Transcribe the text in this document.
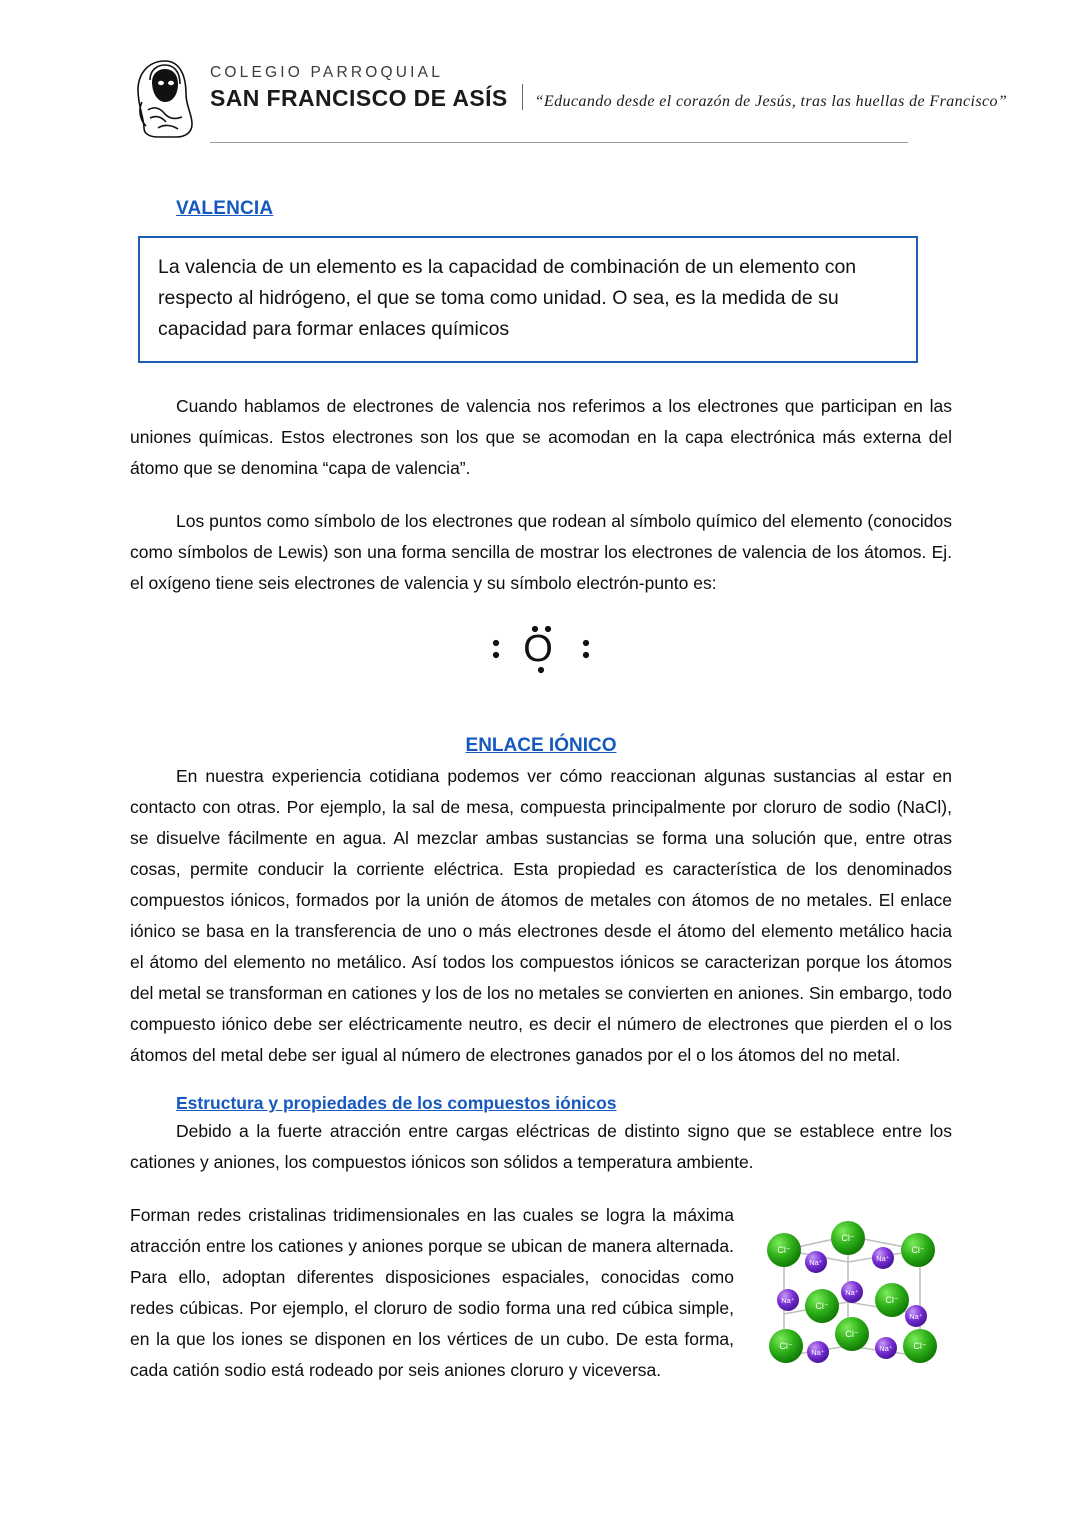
COLEGIO PARROQUIAL
SAN FRANCISCO DE ASÍS “Educando desde el corazón de Jesús, tras las huellas de Francisco”
VALENCIA

La valencia de un elemento es la capacidad de combinación de un elemento con respecto al hidrógeno, el que se toma como unidad. O sea, es la medida de su capacidad para formar enlaces químicos

Cuando hablamos de electrones de valencia nos referimos a los electrones que participan en las uniones químicas. Estos electrones son los que se acomodan en la capa electrónica más externa del átomo que se denomina “capa de valencia”.

Los puntos como símbolo de los electrones que rodean al símbolo químico del elemento (conocidos como símbolos de Lewis) son una forma sencilla de mostrar los electrones de valencia de los átomos. Ej. el oxígeno tiene seis electrones de valencia y su símbolo electrón-punto es:

O
ENLACE IÓNICO

En nuestra experiencia cotidiana podemos ver cómo reaccionan algunas sustancias al estar en contacto con otras. Por ejemplo, la sal de mesa, compuesta principalmente por cloruro de sodio (NaCl), se disuelve fácilmente en agua. Al mezclar ambas sustancias se forma una solución que, entre otras cosas, permite conducir la corriente eléctrica. Esta propiedad es característica de los denominados compuestos iónicos, formados por la unión de átomos de metales con átomos de no metales. El enlace iónico se basa en la transferencia de uno o más electrones desde el átomo del elemento metálico hacia el átomo del elemento no metálico. Así todos los compuestos iónicos se caracterizan porque los átomos del metal se transforman en cationes y los de los no metales se convierten en aniones. Sin embargo, todo compuesto iónico debe ser eléctricamente neutro, es decir el número de electrones que pierden el o los átomos del metal debe ser igual al número de electrones ganados por el o los átomos del no metal.

Estructura y propiedades de los compuestos iónicos

Debido a la fuerte atracción entre cargas eléctricas de distinto signo que se establece entre los cationes y aniones, los compuestos iónicos son sólidos a temperatura ambiente.

Cl⁻
Cl⁻
Cl⁻
Cl⁻
Cl⁻
Cl⁻
Cl⁻
Cl⁻
Na⁺	Na⁺
Na⁺
Na⁺
Na⁺
Na⁺	Na⁺

Forman redes cristalinas tridimensionales en las cuales se logra la máxima atracción entre los cationes y aniones porque se ubican de manera alternada. Para ello, adoptan diferentes disposiciones espaciales, conocidas como redes cúbicas. Por ejemplo, el cloruro de sodio forma una red cúbica simple, en la que los iones se disponen en los vértices de un cubo. De esta forma, cada catión sodio está rodeado por seis aniones cloruro y viceversa.
